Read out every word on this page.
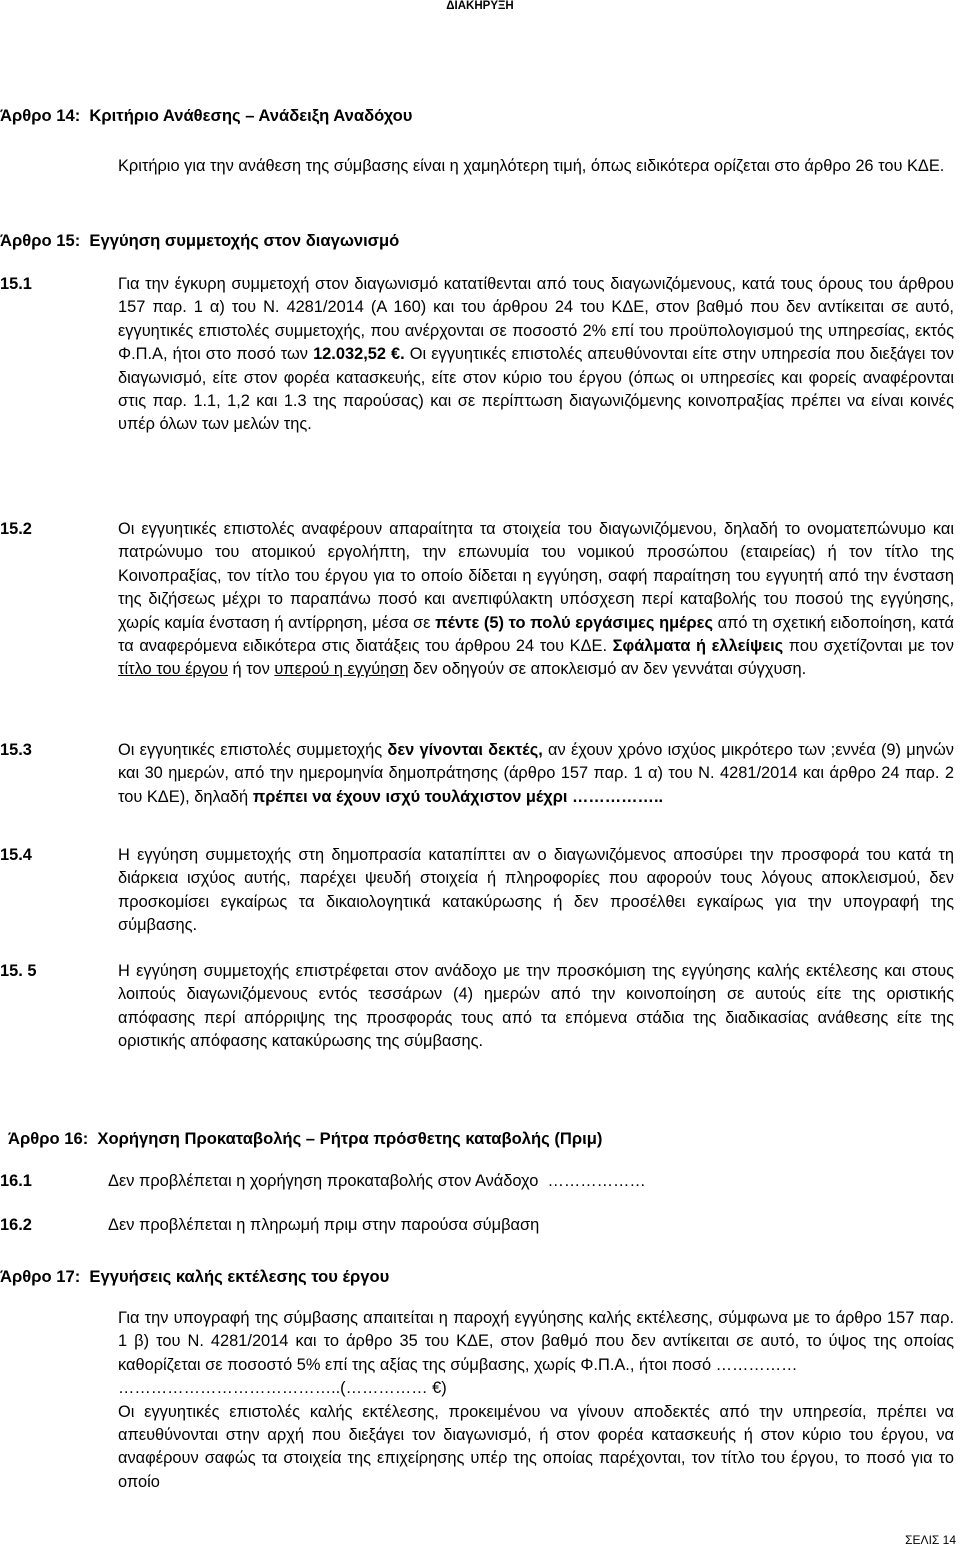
ΔΙΑΚΗΡΥΞΗ
Άρθρο 14:  Κριτήριο Ανάθεσης – Ανάδειξη Αναδόχου
Κριτήριο για την ανάθεση της σύμβασης είναι η χαμηλότερη τιμή, όπως ειδικότερα ορίζεται στο άρθρο 26 του ΚΔΕ.
Άρθρο 15:  Εγγύηση συμμετοχής στον διαγωνισμό
15.1	Για την έγκυρη συμμετοχή στον διαγωνισμό κατατίθενται από τους διαγωνιζόμενους, κατά τους όρους του άρθρου 157 παρ. 1 α) του Ν. 4281/2014 (Α 160) και του άρθρου 24 του ΚΔΕ, στον βαθμό που δεν αντίκειται σε αυτό, εγγυητικές επιστολές συμμετοχής, που ανέρχονται σε ποσοστό 2% επί του προϋπολογισμού της υπηρεσίας, εκτός Φ.Π.Α, ήτοι στο ποσό των 12.032,52 €. Οι εγγυητικές επιστολές απευθύνονται είτε στην υπηρεσία που διεξάγει τον διαγωνισμό, είτε στον φορέα κατασκευής, είτε στον κύριο του έργου (όπως οι υπηρεσίες και φορείς αναφέρονται στις παρ. 1.1, 1,2 και 1.3 της παρούσας) και σε περίπτωση διαγωνιζόμενης κοινοπραξίας πρέπει να είναι κοινές υπέρ όλων των μελών της.
15.2	Οι εγγυητικές επιστολές αναφέρουν απαραίτητα τα στοιχεία του διαγωνιζόμενου, δηλαδή το ονοματεπώνυμο και πατρώνυμο του ατομικού εργολήπτη, την επωνυμία του νομικού προσώπου (εταιρείας) ή τον τίτλο της Κοινοπραξίας, τον τίτλο του έργου για το οποίο δίδεται η εγγύηση, σαφή παραίτηση του εγγυητή από την ένσταση της διζήσεως μέχρι το παραπάνω ποσό και ανεπιφύλακτη υπόσχεση περί καταβολής του ποσού της εγγύησης, χωρίς καμία ένσταση ή αντίρρηση, μέσα σε πέντε (5) το πολύ εργάσιμες ημέρες από τη σχετική ειδοποίηση, κατά τα αναφερόμενα ειδικότερα στις διατάξεις του άρθρου 24 του ΚΔΕ. Σφάλματα ή ελλείψεις που σχετίζονται με τον τίτλο του έργου ή τον υπερού η εγγύηση δεν οδηγούν σε αποκλεισμό αν δεν γεννάται σύγχυση.
15.3	Οι εγγυητικές επιστολές συμμετοχής δεν γίνονται δεκτές, αν έχουν χρόνο ισχύος μικρότερο των ;εννέα (9) μηνών και 30 ημερών, από την ημερομηνία δημοπράτησης (άρθρο 157 παρ. 1 α) του Ν. 4281/2014 και άρθρο 24 παρ. 2 του ΚΔΕ), δηλαδή πρέπει να έχουν ισχύ τουλάχιστον μέχρι ……………..
15.4	Η εγγύηση συμμετοχής στη δημοπρασία καταπίπτει αν ο διαγωνιζόμενος αποσύρει την προσφορά του κατά τη διάρκεια ισχύος αυτής, παρέχει ψευδή στοιχεία ή πληροφορίες που αφορούν τους λόγους αποκλεισμού, δεν προσκομίσει εγκαίρως τα δικαιολογητικά κατακύρωσης ή δεν προσέλθει εγκαίρως για την υπογραφή της σύμβασης.
15. 5	Η εγγύηση συμμετοχής επιστρέφεται στον ανάδοχο με την προσκόμιση της εγγύησης καλής εκτέλεσης και στους λοιπούς διαγωνιζόμενους εντός τεσσάρων (4) ημερών από την κοινοποίηση σε αυτούς είτε της οριστικής απόφασης περί απόρριψης της προσφοράς τους από τα επόμενα στάδια της διαδικασίας ανάθεσης είτε της οριστικής απόφασης κατακύρωσης της σύμβασης.
Άρθρο 16:  Χορήγηση Προκαταβολής – Ρήτρα πρόσθετης καταβολής (Πριμ)
16.1	Δεν προβλέπεται η χορήγηση προκαταβολής στον Ανάδοχο  ………………
16.2	Δεν προβλέπεται η πληρωμή πριμ στην παρούσα σύμβαση
Άρθρο 17:  Εγγυήσεις καλής εκτέλεσης του έργου
Για την υπογραφή της σύμβασης απαιτείται η παροχή εγγύησης καλής εκτέλεσης, σύμφωνα με το άρθρο 157 παρ. 1 β) του Ν. 4281/2014 και το άρθρο 35 του ΚΔΕ, στον βαθμό που δεν αντίκειται σε αυτό, το ύψος της οποίας καθορίζεται σε ποσοστό 5% επί της αξίας της σύμβασης, χωρίς Φ.Π.Α., ήτοι ποσό ……………
…………………………………..(…………… €)
Οι εγγυητικές επιστολές καλής εκτέλεσης, προκειμένου να γίνουν αποδεκτές από την υπηρεσία, πρέπει να απευθύνονται στην αρχή που διεξάγει τον διαγωνισμό, ή στον φορέα κατασκευής ή στον κύριο του έργου, να αναφέρουν σαφώς τα στοιχεία της επιχείρησης υπέρ της οποίας παρέχονται, τον τίτλο του έργου, το ποσό για το οποίο
ΣΕΛΙΣ 14
